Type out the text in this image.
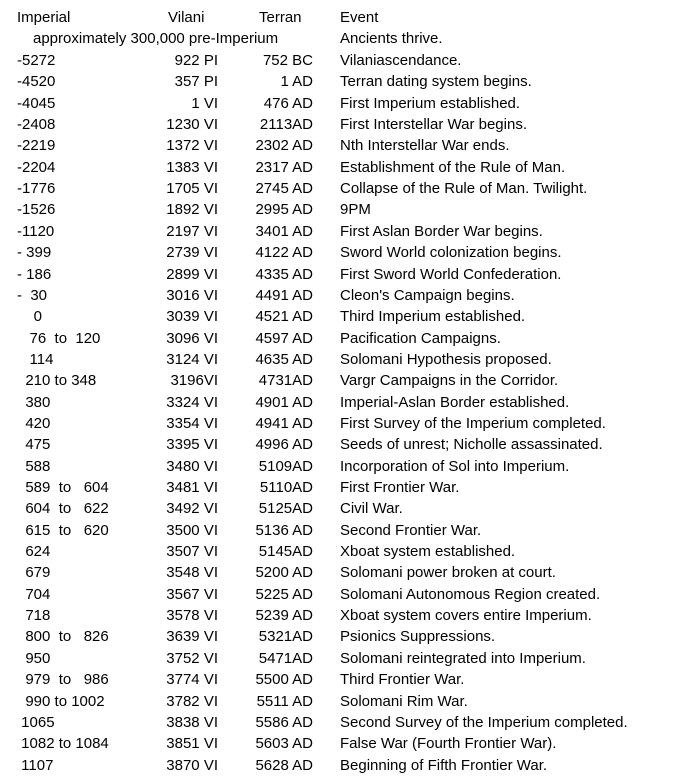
Imperial	Vilani	Terran	Event
approximately 300,000 pre-Imperium	Ancients thrive.
-5272	922 PI	752 BC Vilaniascendance.
-4520	357 PI	1 AD Terran dating system begins.
-4045	1 VI	476 AD First Imperium established.
-2408	1230 VI	2113AD First Interstellar War begins.
-2219	1372 VI	2302 AD Nth Interstellar War ends.
-2204	1383 VI	2317 AD Establishment of the Rule of Man.
-1776	1705 VI	2745 AD Collapse of the Rule of Man. Twilight.
-1526	1892 VI	2995 AD 9PM
-1120	2197 VI	3401 AD First Aslan Border War begins.
- 399	2739 VI	4122 AD Sword World colonization begins.
- 186	2899 VI	4335 AD First Sword World Confederation.
-  30	3016 VI	4491 AD Cleon's Campaign begins.
0	3039 VI	4521 AD Third Imperium established.
76  to  120	3096 VI	4597 AD Pacification Campaigns.
114	3124 VI	4635 AD Solomani Hypothesis proposed.
210 to 348	3196VI	4731AD Vargr Campaigns in the Corridor.
380	3324 VI	4901 AD Imperial-Aslan Border established.
420	3354 VI	4941 AD First Survey of the Imperium completed.
475	3395 VI	4996 AD Seeds of unrest; Nicholle assassinated.
588	3480 VI	5109AD Incorporation of Sol into Imperium.
589  to   604	3481 VI	5110AD First Frontier War.
604  to   622	3492 VI	5125AD Civil War.
615  to   620	3500 VI	5136 AD Second Frontier War.
624	3507 VI	5145AD Xboat system established.
679	3548 VI	5200 AD Solomani power broken at court.
704	3567 VI	5225 AD Solomani Autonomous Region created.
718	3578 VI	5239 AD Xboat system covers entire Imperium.
800  to   826	3639 VI	5321AD Psionics Suppressions.
950	3752 VI	5471AD Solomani reintegrated into Imperium.
979  to   986	3774 VI	5500 AD Third Frontier War.
990 to 1002	3782 VI	5511 AD Solomani Rim War.
1065	3838 VI	5586 AD Second Survey of the Imperium completed.
1082 to 1084	3851 VI	5603 AD False War (Fourth Frontier War).
1107	3870 VI	5628 AD Beginning of Fifth Frontier War.
